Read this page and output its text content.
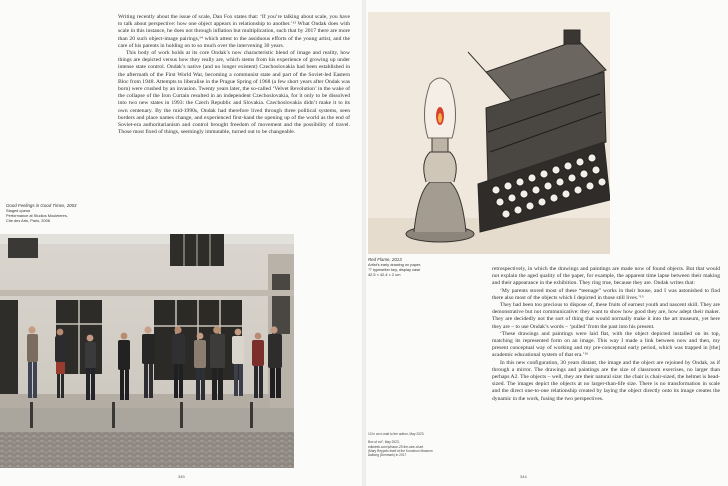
Writing recently about the issue of scale, Dan Fox states that: ‘If you’re talking about scale, you have to talk about perspective: how one object appears in relationship to another.’¹³ What Ondak does with scale in this instance, he does not through inflation but multiplication, such that by 2017 there are more than 20 such object-image pairings,¹⁴ which attest to the assiduous efforts of the young artist, and the care of his parents in holding on to so much over the intervening 30 years.

This body of work holds at its core Ondak’s now characteristic blend of image and reality, how things are depicted versus how they really are, which stems from his experience of growing up under intense state control. Ondak’s native (and no longer existent) Czechoslovakia had been established in the aftermath of the First World War, becoming a communist state and part of the Soviet-led Eastern Bloc from 1948. Attempts to liberalise in the Prague Spring of 1968 (a few short years after Ondak was born) were crushed by an invasion. Twenty years later, the so-called ‘Velvet Revolution’ in the wake of the collapse of the Iron Curtain resulted in an independent Czechoslovakia, for it only to be dissolved into two new states in 1993: the Czech Republic and Slovakia. Czechoslovakia didn’t make it to its own centenary. By the mid-1990s, Ondak had therefore lived through three political systems, seen borders and place names change, and experienced first-hand the opening up of the world as the end of Soviet-era authoritarianism and control brought freedom of movement and the possibility of travel. Those most fixed of things, seemingly immutable, turned out to be changeable.

Good Feelings in Good Times, 2003
Staged queue
Performance at Studios Mouleleres,
Cite des Arts, Paris, 2008
345
Red Flame, 2013
Artist’s early drawing on paper,
‘T’ typewriter key, display case
42.5 × 42.4 × 2 cm
13 In an e-mail to the author, May 2023.
Box of m//', May 2023,
edtoleek.com/p/issue-29-the-size-of-art
(Mary Reppels itself at the Koroshon Museum
Aalborg (Denmark) in 2017

retrospectively, in which the drawings and paintings are made now of found objects. But that would not explain the aged quality of the paper, for example, the apparent time lapse between their making and their appearance in the exhibition. They ring true, because they are. Ondak writes that:

‘My parents stored most of these “teenage” works in their house, and I was astonished to find there also most of the objects which I depicted in those still lives.’¹⁵

They had been too precious to dispose of, these fruits of earnest youth and nascent skill. They are demonstrative but not communicative: they want to show how good they are, how adept their maker. They are decidedly not the sort of thing that would normally make it into the art museum, yet here they are – to use Ondak’s words – ‘pulled’ from the past into his present.

‘These drawings and paintings were laid flat, with the object depicted installed on its top, matching its represented form on an image. This way I made a link between now and then, my present conceptual way of working and my pre-conceptual early period, which was trapped in [the] academic educational system of that era.’¹⁶

In this new configuration, 30 years distant, the image and the object are rejoined by Ondak, as if through a mirror. The drawings and paintings are the size of classroom exercises, no larger than perhaps A2. The objects – well, they are their natural size: the chair is chair-sized, the helmet is head-sized. The images depict the objects at no larger-than-life size. There is no transformation in scale and the direct one-to-one relationship created by laying the object directly onto its image creates the dynamic in the work, fusing the two perspectives.

344
